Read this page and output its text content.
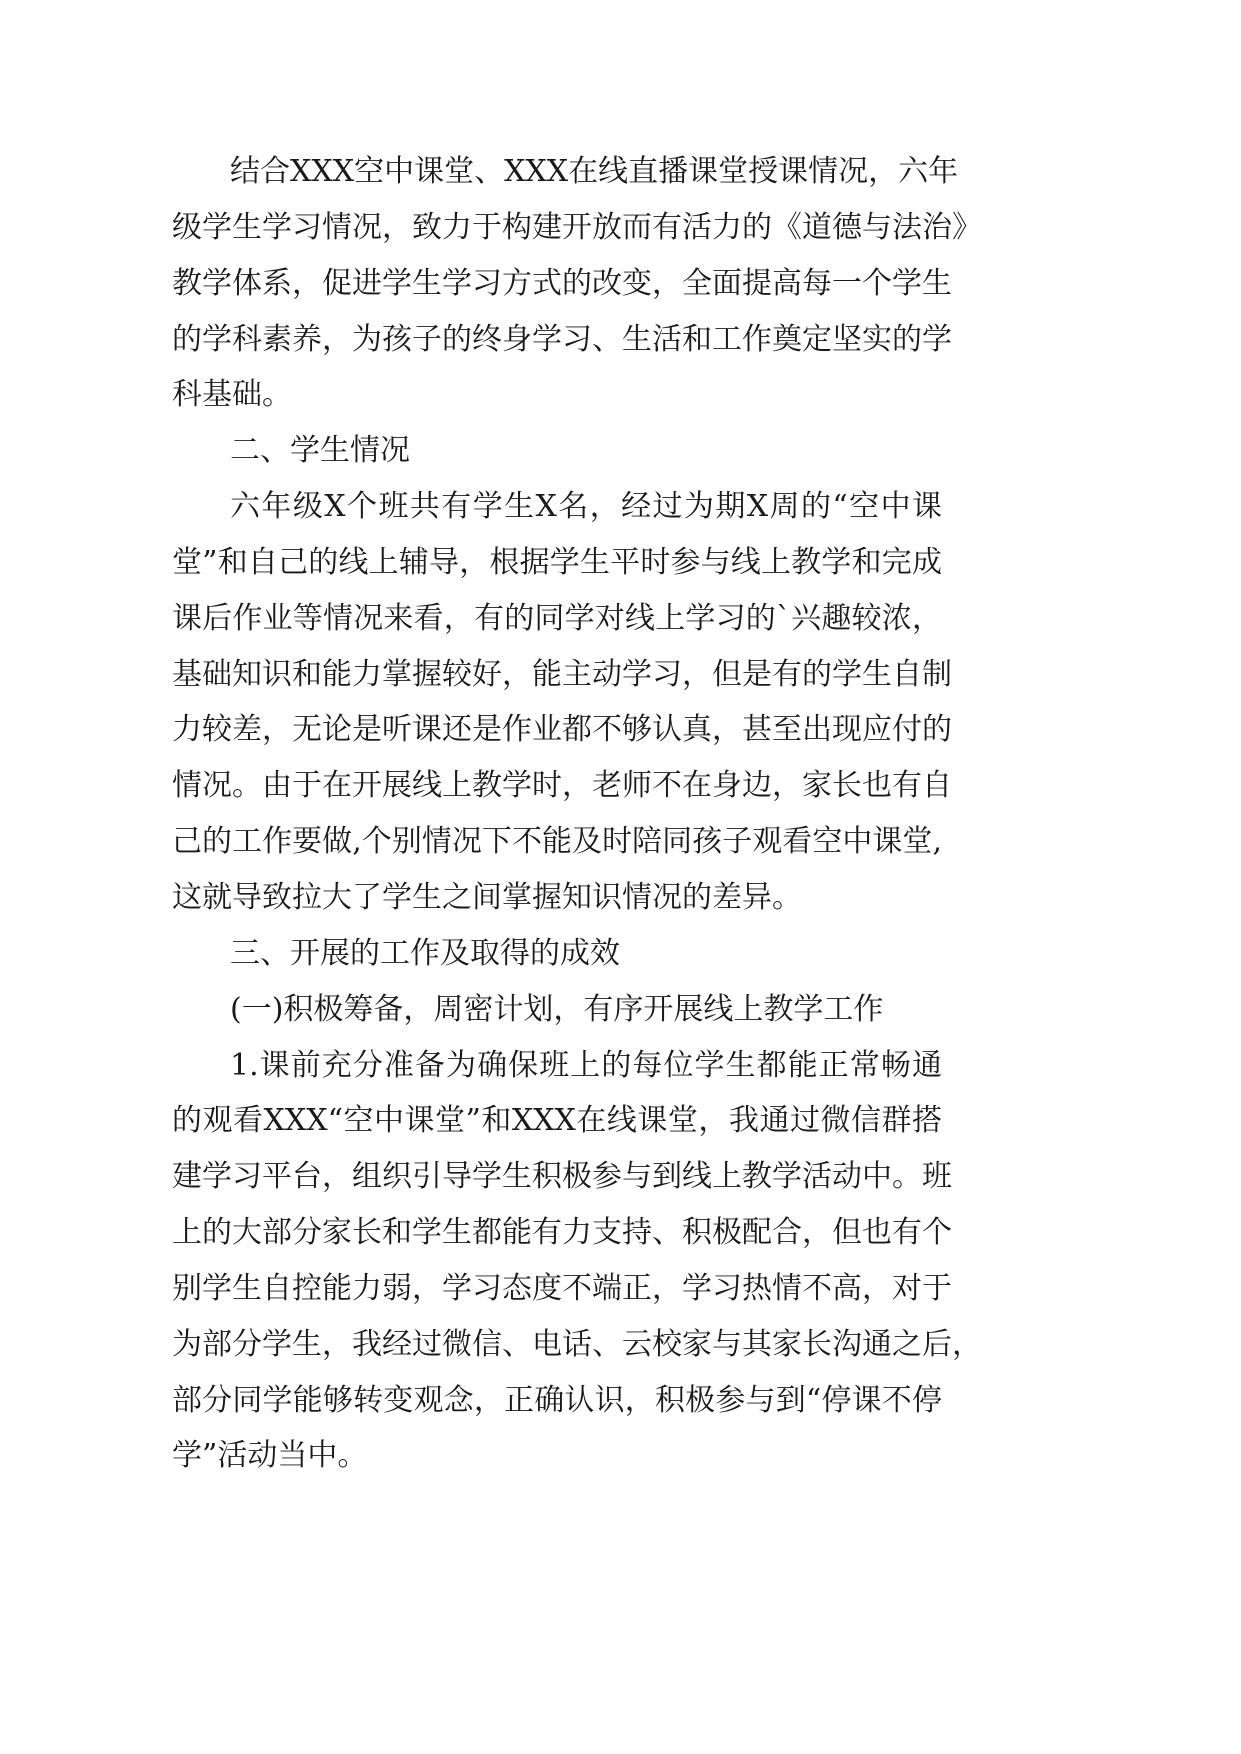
结合XXX空中课堂、XXX在线直播课堂授课情况，六年
级学生学习情况，致力于构建开放而有活力的《道德与法治》
教学体系，促进学生学习方式的改变，全面提高每一个学生
的学科素养，为孩子的终身学习、生活和工作奠定坚实的学
科基础。
二、学生情况
六年级X个班共有学生X名，经过为期X周的“空中课
堂”和自己的线上辅导，根据学生平时参与线上教学和完成
课后作业等情况来看，有的同学对线上学习的`兴趣较浓，
基础知识和能力掌握较好，能主动学习，但是有的学生自制
力较差，无论是听课还是作业都不够认真，甚至出现应付的
情况。由于在开展线上教学时，老师不在身边，家长也有自
己的工作要做,个别情况下不能及时陪同孩子观看空中课堂,
这就导致拉大了学生之间掌握知识情况的差异。
三、开展的工作及取得的成效
(一)积极筹备，周密计划，有序开展线上教学工作
1.课前充分准备为确保班上的每位学生都能正常畅通
的观看XXX“空中课堂”和XXX在线课堂，我通过微信群搭
建学习平台，组织引导学生积极参与到线上教学活动中。班
上的大部分家长和学生都能有力支持、积极配合，但也有个
别学生自控能力弱，学习态度不端正，学习热情不高，对于
为部分学生，我经过微信、电话、云校家与其家长沟通之后，
部分同学能够转变观念，正确认识，积极参与到“停课不停
学”活动当中。
